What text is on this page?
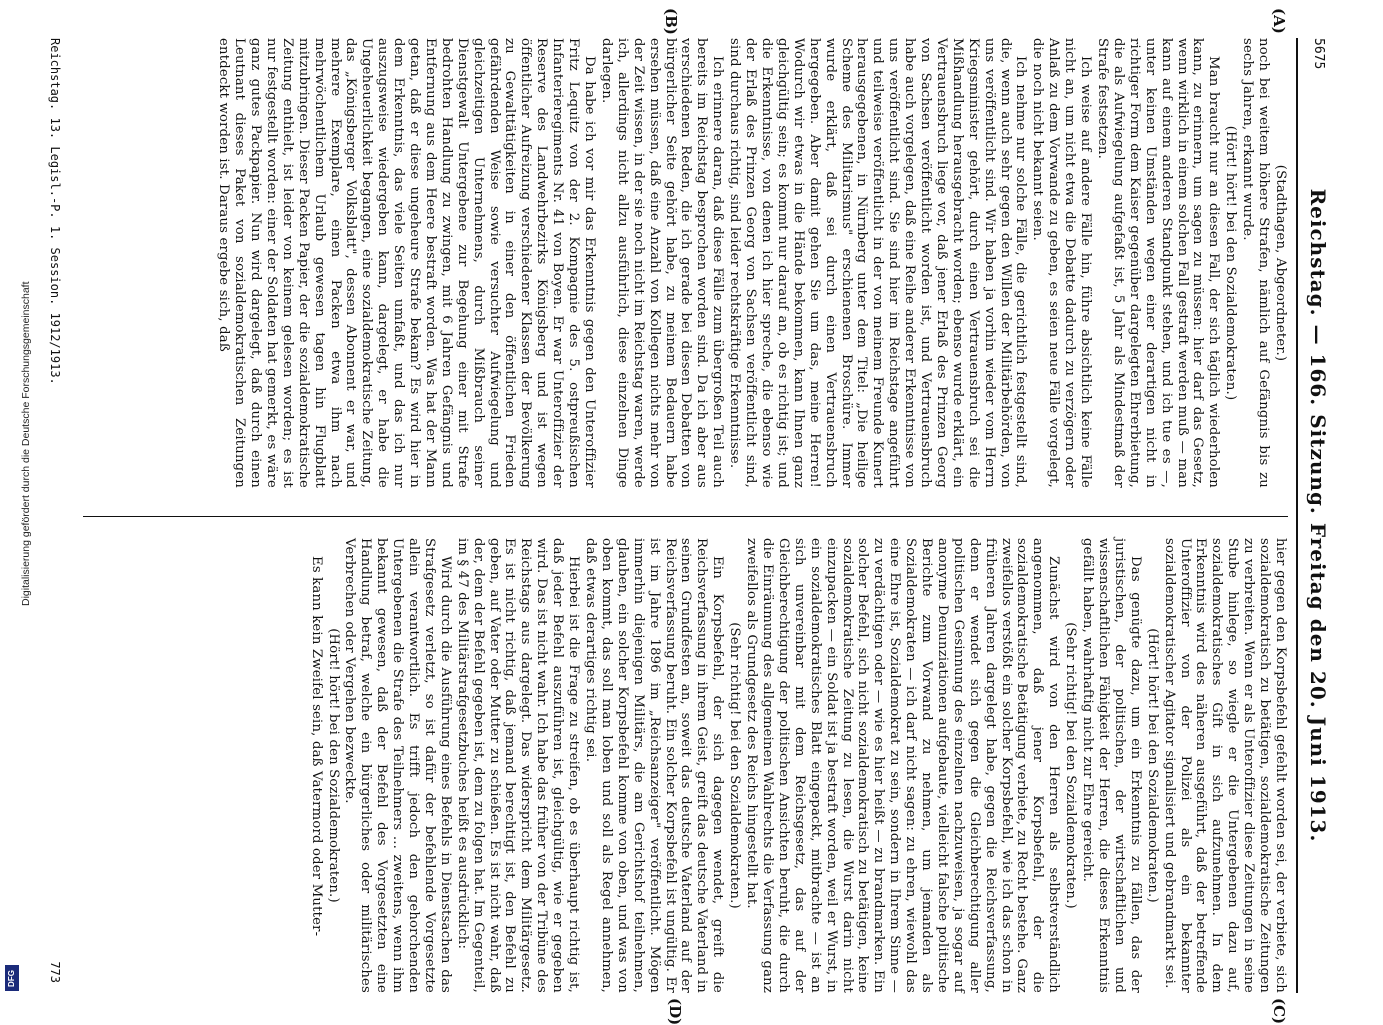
Digitalisierung gefördert durch die Deutsche Forschungsgemeinschaft
DFG
5675
Reichstag. — 166. Sitzung. Freitag den 20. Juni 1913.
(A)
(B)
(C)
(D)

(Stadthagen, Abgeordneter.)

noch bei weitem höhere Strafen, nämlich auf Gefängnis bis zu sechs Jahren, erkannt wurde.

(Hört! hört! bei den Sozialdemokraten.)

Man braucht nur an diesen Fall, der sich täglich wiederholen kann, zu erinnern, um sagen zu müssen: hier darf das Gesetz, wenn wirklich in einem solchen Fall gestraft werden muß — man kann auf einem anderen Standpunkt stehen, und ich tue es —, unter keinen Umständen wegen einer derartigen nicht in richtiger Form dem Kaiser gegenüber dargelegten Ehrerbietung, die als Aufwiegelung aufgefaßt ist, 5 Jahr als Mindestmaß der Strafe festsetzen.

Ich weise auf andere Fälle hin, führe absichtlich keine Fälle nicht an, um nicht etwa die Debatte dadurch zu verzögern oder Anlaß zu dem Vorwande zu geben, es seien neue Fälle vorgelegt, die noch nicht bekannt seien.

Ich nehme nur solche Fälle, die gerichtlich festgestellt sind, die, wenn auch sehr gegen den Willen der Militärbehörden, von uns veröffentlicht sind. Wir haben ja vorhin wieder vom Herrn Kriegsminister gehört, durch einen Vertrauensbruch sei die Mißhandlung herausgebracht worden; ebenso wurde erklärt, ein Vertrauensbruch liege vor, daß jener Erlaß des Prinzen Georg von Sachsen veröffentlicht worden ist, und Vertrauensbruch habe auch vorgelegen, daß eine Reihe anderer Erkenntnisse von uns veröffentlicht sind. Sie sind hier im Reichstage angeführt und teilweise veröffentlicht in der von meinem Freunde Kunert herausgegebenen, in Nürnberg unter dem Titel: „Die heilige Scheme des Militarismus" erschienenen Broschüre. Immer wurde erklärt, daß sei durch einen Vertrauensbruch hergegeben. Aber damit gehen Sie um das, meine Herren! Wodurch wir etwas in die Hände bekommen, kann Ihnen ganz gleichgültig sein; es kommt nur darauf an, ob es richtig ist; und die Erkenntnisse, von denen ich hier spreche, die ebenso wie der Erlaß des Prinzen Georg von Sachsen veröffentlicht sind, sind durchaus richtig, sind leider rechtskräftige Erkenntnisse.

Ich erinnere daran, daß diese Fälle zum übergroßen Teil auch bereits im Reichstag besprochen worden sind. Da ich aber aus verschiedenen Reden, die ich gerade bei diesen Debatten von bürgerlicher Seite gehört habe, zu meinem Bedauern habe ersehen müssen, daß eine Anzahl von Kollegen nichts mehr von der Zeit wissen, in der sie noch nicht im Reichstag waren, werde ich, allerdings nicht allzu ausführlich, diese einzelnen Dinge darlegen.

Da habe ich vor mir das Erkenntnis gegen den Unteroffizier Fritz Lequitz von der 2. Kompagnie des 5. ostpreußischen Infanterieregiments Nr. 41 von Boyen. Er war Unteroffizier der Reserve des Landwehrbezirks Königsberg und ist wegen öffentlicher Aufreizung verschiedener Klassen der Bevölkerung zu Gewalttätigkeiten in einer den öffentlichen Frieden gefährdenden Weise sowie versuchter Aufwiegelung und gleichzeitigen Unternehmens, durch Mißbrauch seiner Dienstgewalt Untergebene zur Begehung einer mit Strafe bedrohten Handlung zu zwingen, mit 6 Jahren Gefängnis und Entfernung aus dem Heere bestraft worden. Was hat der Mann getan, daß er diese ungeheure Strafe bekam? Es wird hier in dem Erkenntnis, das viele Seiten umfaßt, und das ich nur auszugsweise wiedergeben kann, dargelegt, er habe die Ungeheuerlichkeit begangen, eine sozialdemokratische Zeitung, das „Königsberger Volksblatt", dessen Abonnent er war, und mehrere Exemplare, einen Packen etwa ihm nach mehrwöchentlichem Urlaub gewesen tagen hin Flugblatt mitzubringen. Dieser Packen Papier, der die sozialdemokratische Zeitung enthielt, ist leider von keinem gelesen worden; es ist nur festgestellt worden: einer der Soldaten hat gemerkt, es wäre ganz gutes Packpapier. Nun wird dargelegt, daß durch einen Leutnant dieses Paket von sozialdemokratischen Zeitungen entdeckt worden ist. Daraus ergebe sich, daß

hier gegen den Korpsbefehl gefehlt worden sei, der verbiete, sich sozialdemokratisch zu betätigen, sozialdemokratische Zeitungen zu verbreiten. Wenn er als Unteroffizier diese Zeitungen in seine Stube hinlege, so wiegle er die Untergebenen dazu auf, sozialdemokratisches Gift in sich aufzunehmen. In dem Erkenntnis wird des näheren ausgeführt, daß der betreffende Unteroffizier von der Polizei als ein bekannter sozialdemokratischer Agitator signalisiert und gebrandmarkt sei.

(Hört! hört! bei den Sozialdemokraten.)

Das genügte dazu, um ein Erkenntnis zu fällen, das der juristischen, der politischen, der wirtschaftlichen und wissenschaftlichen Fähigkeit der Herren, die dieses Erkenntnis gefällt haben, wahrhaftig nicht zur Ehre gereicht.

(Sehr richtig! bei den Sozialdemokraten.)

Zunächst wird von den Herren als selbstverständlich angenommen, daß jener Korpsbefehl, der die sozialdemokratische Betätigung verbiete, zu Recht bestehe. Ganz zweifellos verstößt ein solcher Korpsbefehl, wie ich das schon in früheren Jahren dargelegt habe, gegen die Reichsverfassung, denn er wendet sich gegen die Gleichberechtigung aller politischen Gesinnung des einzelnen nachzuweisen, ja sogar auf anonyme Denunziationen aufgebaute, vielleicht falsche politische Berichte zum Vorwand zu nehmen, um jemanden als Sozialdemokraten — ich darf nicht sagen: zu ehren, wiewohl das eine Ehre ist, Sozialdemokrat zu sein, sondern in Ihrem Sinne — zu verdächtigen oder — wie es hier heißt — zu brandmarken. Ein solcher Befehl, sich nicht sozialdemokratisch zu betätigen, keine sozialdemokratische Zeitung zu lesen, die Wurst darin nicht einzupacken — ein Soldat ist ja bestraft worden, weil er Wurst, in ein sozialdemokratisches Blatt eingepackt, mitbrachte — ist an sich unvereinbar mit dem Reichsgesetz, das auf der Gleichberechtigung der politischen Ansichten beruht, die durch die Einräumung des allgemeinen Wahlrechts die Verfassung ganz zweifellos als Grundgesetz des Reichs hingestellt hat.

(Sehr richtig! bei den Sozialdemokraten.)

Ein Korpsbefehl, der sich dagegen wendet, greift die Reichsverfassung in ihrem Geist, greift das deutsche Vaterland in seinen Grundfesten an, soweit das deutsche Vaterland auf der Reichsverfassung beruht. Ein solcher Korpsbefehl ist ungültig. Er ist im Jahre 1896 im „Reichsanzeiger" veröffentlicht. Mögen immerhin diejenigen Militärs, die am Gerichtshof teilnehmen, glauben, ein solcher Korpsbefehl komme von oben, und was von oben kommt, das soll man loben und soll als Regel annehmen, daß etwas derartiges richtig sei.

Hierbei ist die Frage zu streifen, ob es überhaupt richtig ist, daß jeder Befehl auszuführen ist, gleichgültig, wie er gegeben wird. Das ist nicht wahr. Ich habe das früher von der Tribüne des Reichstags aus dargelegt. Das widerspricht dem Militärgesetz. Es ist nicht richtig, daß jemand berechtigt ist, den Befehl zu geben, auf Vater oder Mutter zu schießen. Es ist nicht wahr, daß der, dem der Befehl gegeben ist, dem zu folgen hat. Im Gegenteil, im § 47 des Militärstrafgesetzbuches heißt es ausdrücklich:

Wird durch die Ausführung eines Befehls in Dienstsachen das Strafgesetz verletzt, so ist dafür der befehlende Vorgesetzte allein verantwortlich. Es trifft jedoch den gehorchenden Untergebenen die Strafe des Teilnehmers ... zweitens, wenn ihm bekannt gewesen, daß der Befehl des Vorgesetzten eine Handlung betraf, welche ein bürgerliches oder militärisches Verbrechen oder Vergehen bezweckte.

(Hört! hört! bei den Sozialdemokraten.)

Es kann kein Zweifel sein, daß Vatermord oder Mutter-

Reichstag. 13. Legisl.-P. 1. Session. 1912/1913.
773
